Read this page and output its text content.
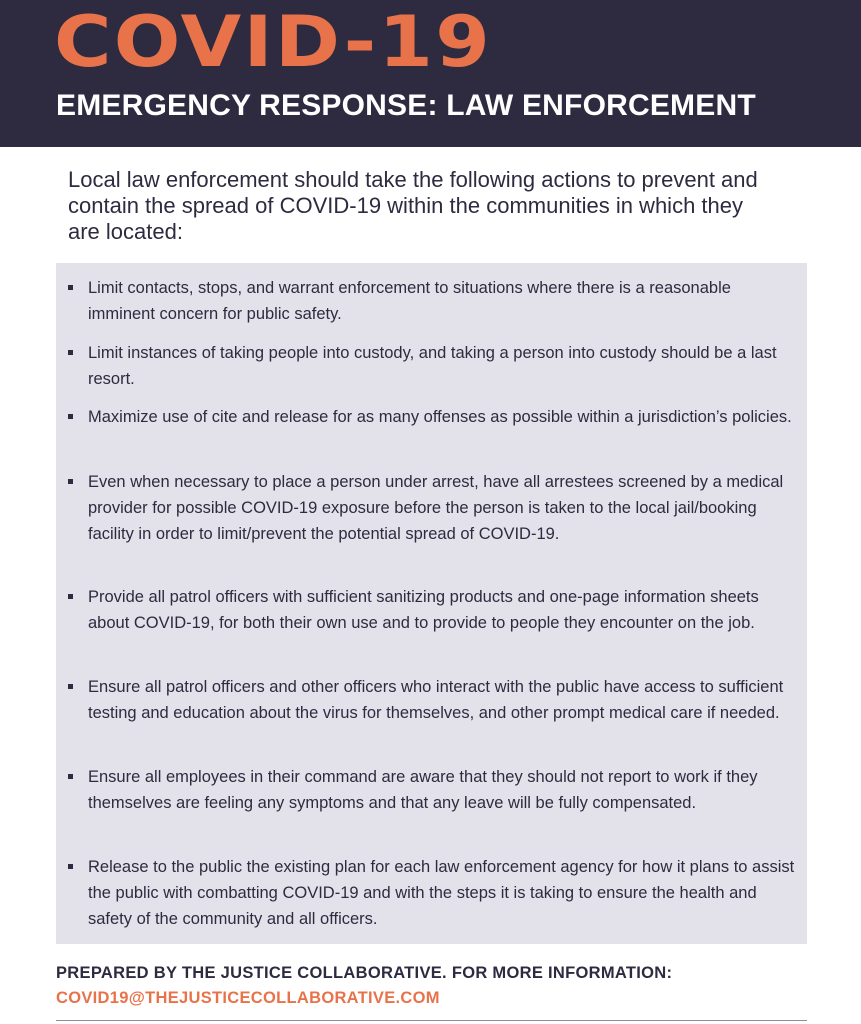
COVID-19
EMERGENCY RESPONSE: LAW ENFORCEMENT
Local law enforcement should take the following actions to prevent and contain the spread of COVID-19 within the communities in which they are located:
Limit contacts, stops, and warrant enforcement to situations where there is a reasonable imminent concern for public safety.
Limit instances of taking people into custody, and taking a person into custody should be a last resort.
Maximize use of cite and release for as many offenses as possible within a jurisdiction’s policies.
Even when necessary to place a person under arrest, have all arrestees screened by a medical provider for possible COVID-19 exposure before the person is taken to the local jail/booking facility in order to limit/prevent the potential spread of COVID-19.
Provide all patrol officers with sufficient sanitizing products and one-page information sheets about COVID-19, for both their own use and to provide to people they encounter on the job.
Ensure all patrol officers and other officers who interact with the public have access to sufficient testing and education about the virus for themselves, and other prompt medical care if needed.
Ensure all employees in their command are aware that they should not report to work if they themselves are feeling any symptoms and that any leave will be fully compensated.
Release to the public the existing plan for each law enforcement agency for how it plans to assist the public with combatting COVID-19 and with the steps it is taking to ensure the health and safety of the community and all officers.
PREPARED BY THE JUSTICE COLLABORATIVE. FOR MORE INFORMATION:
COVID19@THEJUSTICECOLLABORATIVE.COM
